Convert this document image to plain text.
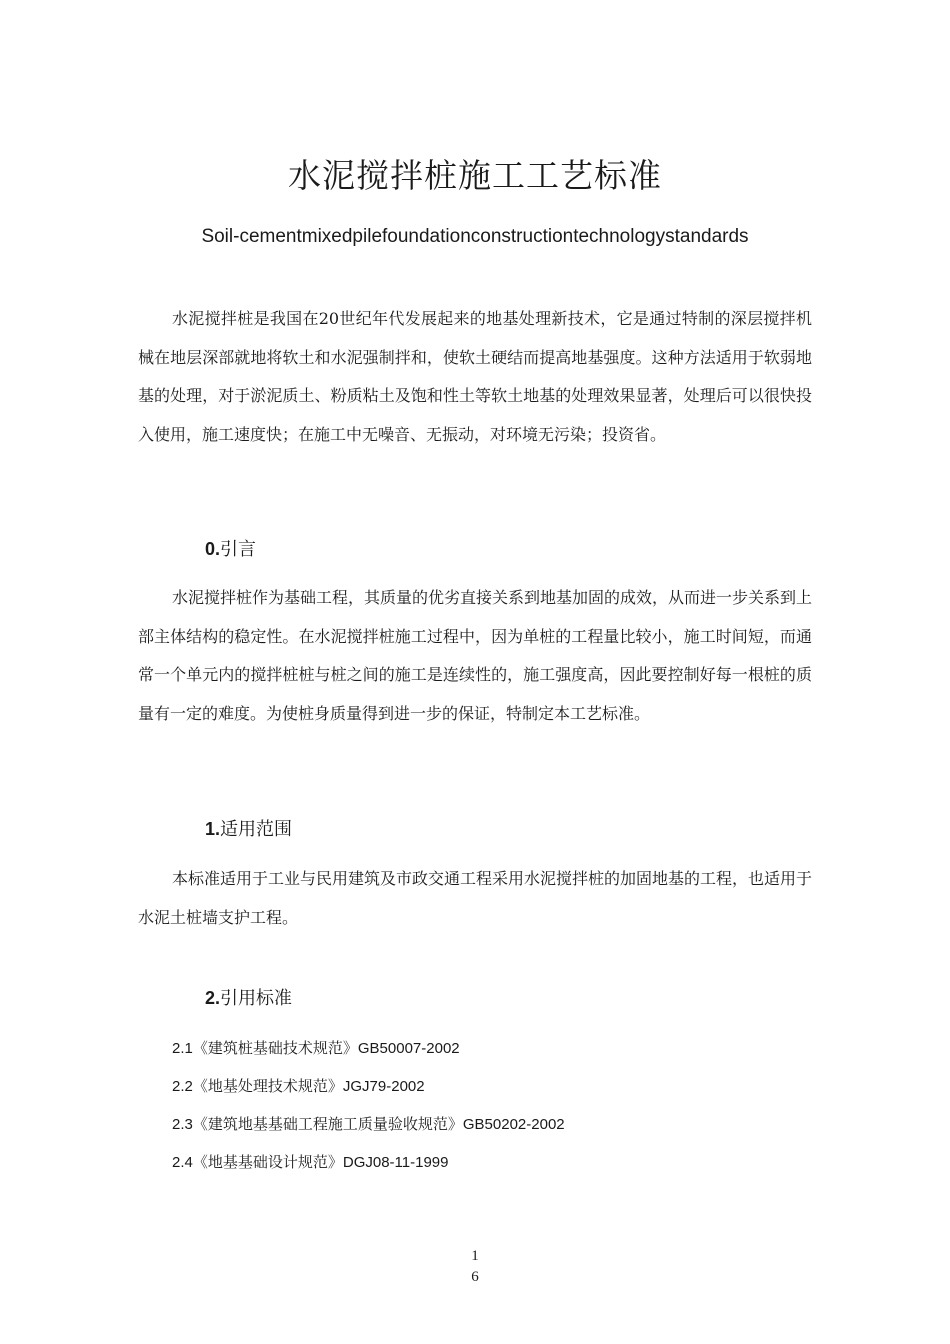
水泥搅拌桩施工工艺标准
Soil-cementmixedpilefoundationconstructiontechnologystandards

水泥搅拌桩是我国在20世纪年代发展起来的地基处理新技术，它是通过特制的深层搅拌机械在地层深部就地将软土和水泥强制拌和，使软土硬结而提高地基强度。这种方法适用于软弱地基的处理，对于淤泥质土、粉质粘土及饱和性土等软土地基的处理效果显著，处理后可以很快投入使用，施工速度快；在施工中无噪音、无振动，对环境无污染；投资省。

0.引言

水泥搅拌桩作为基础工程，其质量的优劣直接关系到地基加固的成效，从而进一步关系到上部主体结构的稳定性。在水泥搅拌桩施工过程中，因为单桩的工程量比较小，施工时间短，而通常一个单元内的搅拌桩桩与桩之间的施工是连续性的，施工强度高，因此要控制好每一根桩的质量有一定的难度。为使桩身质量得到进一步的保证，特制定本工艺标准。

1.适用范围

本标准适用于工业与民用建筑及市政交通工程采用水泥搅拌桩的加固地基的工程，也适用于水泥土桩墙支护工程。

2.引用标准

2.1《建筑桩基础技术规范》GB50007-2002

2.2《地基处理技术规范》JGJ79-2002

2.3《建筑地基基础工程施工质量验收规范》GB50202-2002

2.4《地基基础设计规范》DGJ08-11-1999

1
6
